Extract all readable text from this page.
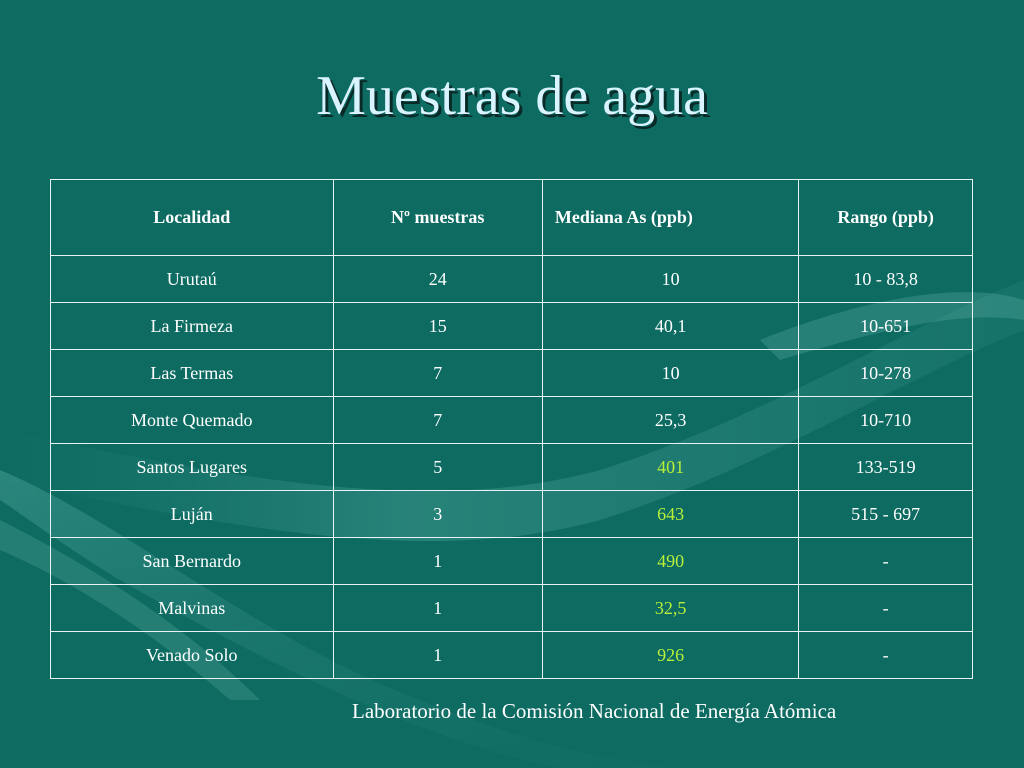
Muestras de agua
Localidad	Nº muestras	Mediana As (ppb)	Rango (ppb)
Urutaú	24	10	10 - 83,8
La Firmeza	15	40,1	10-651
Las Termas	7	10	10-278
Monte Quemado	7	25,3	10-710
Santos Lugares	5	401	133-519
Luján	3	643	515 - 697
San Bernardo	1	490	-
Malvinas	1	32,5	-
Venado Solo	1	926	-
Laboratorio de la Comisión Nacional de Energía Atómica
